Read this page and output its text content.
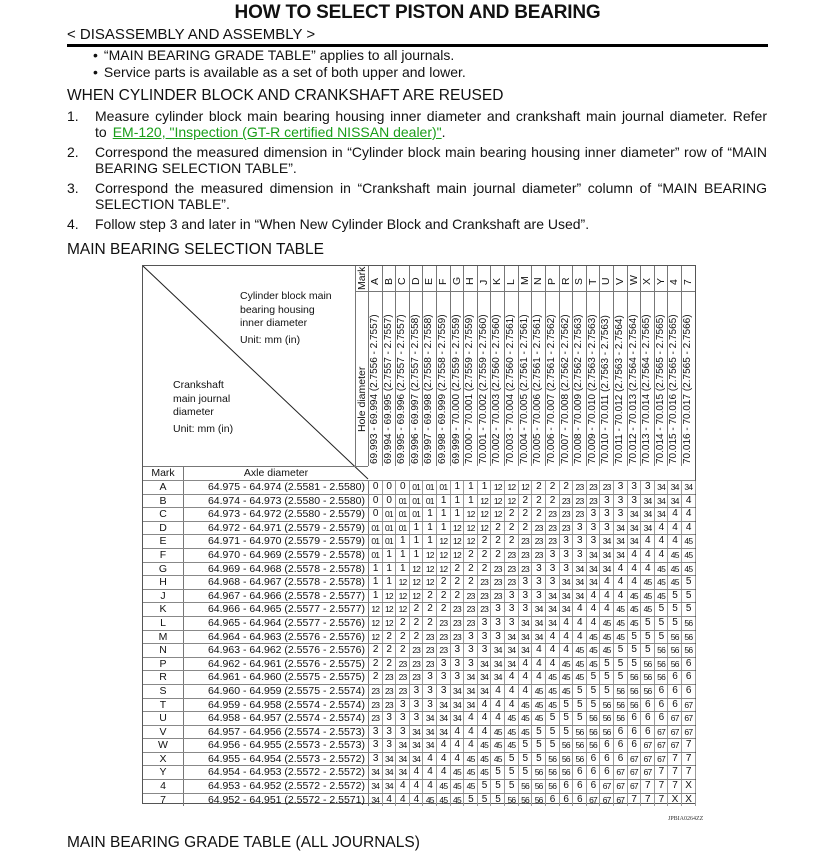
HOW TO SELECT PISTON AND BEARING
< DISASSEMBLY AND ASSEMBLY >
• “MAIN BEARING GRADE TABLE” applies to all journals.
• Service parts is available as a set of both upper and lower.
WHEN CYLINDER BLOCK AND CRANKSHAFT ARE REUSED
1.	Measure cylinder block main bearing housing inner diameter and crankshaft main journal diameter. Refer to EM-120, "Inspection (GT-R certified NISSAN dealer)".
2.	Correspond the measured dimension in “Cylinder block main bearing housing inner diameter” row of “MAIN BEARING SELECTION TABLE”.
3.	Correspond the measured dimension in “Crankshaft main journal diameter” column of “MAIN BEARING SELECTION TABLE”.
4.	Follow step 3 and later in “When New Cylinder Block and Crankshaft are Used”.
MAIN BEARING SELECTION TABLE
Cylinder block main
bearing housing
inner diameter
Unit: mm (in)
Crankshaft
main journal
diameter
Unit: mm (in)
Mark
Hole diameter
A
69.993 - 69.994 (2.7556 - 2.7557)
B
69.994 - 69.995 (2.7557 - 2.7557)
C
69.995 - 69.996 (2.7557 - 2.7557)
D
69.996 - 69.997 (2.7557 - 2.7558)
E
69.997 - 69.998 (2.7558 - 2.7558)
F
69.998 - 69.999 (2.7558 - 2.7559)
G
69.999 - 70.000 (2.7559 - 2.7559)
H
70.000 - 70.001 (2.7559 - 2.7559)
J
70.001 - 70.002 (2.7559 - 2.7560)
K
70.002 - 70.003 (2.7560 - 2.7560)
L
70.003 - 70.004 (2.7560 - 2.7561)
M
70.004 - 70.005 (2.7561 - 2.7561)
N
70.005 - 70.006 (2.7561 - 2.7561)
P
70.006 - 70.007 (2.7561 - 2.7562)
R
70.007 - 70.008 (2.7562 - 2.7562)
S
70.008 - 70.009 (2.7562 - 2.7563)
T
70.009 - 70.010 (2.7563 - 2.7563)
U
70.010 - 70.011 (2.7563 - 2.7563)
V
70.011 - 70.012 (2.7563 - 2.7564)
W
70.012 - 70.013 (2.7564 - 2.7564)
X
70.013 - 70.014 (2.7564 - 2.7565)
Y
70.014 - 70.015 (2.7565 - 2.7565)
4
70.015 - 70.016 (2.7565 - 2.7565)
7
70.016 - 70.017 (2.7565 - 2.7566)
Mark	Axle diameter
A	64.975 - 64.974 (2.5581 - 2.5580) 0 0 0 01 01 01 1 1 1 12 12 12 2 2 2 23 23 23 3 3 3 34 34 34
B	64.974 - 64.973 (2.5580 - 2.5580) 0 0 01 01 01 1 1 1 12 12 12 2 2 2 23 23 23 3 3 3 34 34 34 4
C	64.973 - 64.972 (2.5580 - 2.5579) 0 01 01 01 1 1 1 12 12 12 2 2 2 23 23 23 3 3 3 34 34 34 4 4
D	64.972 - 64.971 (2.5579 - 2.5579) 01 01 01 1 1 1 12 12 12 2 2 2 23 23 23 3 3 3 34 34 34 4 4 4
E	64.971 - 64.970 (2.5579 - 2.5579) 01 01 1 1 1 12 12 12 2 2 2 23 23 23 3 3 3 34 34 34 4 4 4 45
F	64.970 - 64.969 (2.5579 - 2.5578) 01 1 1 1 12 12 12 2 2 2 23 23 23 3 3 3 34 34 34 4 4 4 45 45
G	64.969 - 64.968 (2.5578 - 2.5578) 1 1 1 12 12 12 2 2 2 23 23 23 3 3 3 34 34 34 4 4 4 45 45 45
H	64.968 - 64.967 (2.5578 - 2.5578) 1 1 12 12 12 2 2 2 23 23 23 3 3 3 34 34 34 4 4 4 45 45 45 5
J	64.967 - 64.966 (2.5578 - 2.5577) 1 12 12 12 2 2 2 23 23 23 3 3 3 34 34 34 4 4 4 45 45 45 5 5
K	64.966 - 64.965 (2.5577 - 2.5577) 12 12 12 2 2 2 23 23 23 3 3 3 34 34 34 4 4 4 45 45 45 5 5 5
L	64.965 - 64.964 (2.5577 - 2.5576) 12 12 2 2 2 23 23 23 3 3 3 34 34 34 4 4 4 45 45 45 5 5 5 56
M	64.964 - 64.963 (2.5576 - 2.5576) 12 2 2 2 23 23 23 3 3 3 34 34 34 4 4 4 45 45 45 5 5 5 56 56
N	64.963 - 64.962 (2.5576 - 2.5576) 2 2 2 23 23 23 3 3 3 34 34 34 4 4 4 45 45 45 5 5 5 56 56 56
P	64.962 - 64.961 (2.5576 - 2.5575) 2 2 23 23 23 3 3 3 34 34 34 4 4 4 45 45 45 5 5 5 56 56 56 6
R	64.961 - 64.960 (2.5575 - 2.5575) 2 23 23 23 3 3 3 34 34 34 4 4 4 45 45 45 5 5 5 56 56 56 6 6
S	64.960 - 64.959 (2.5575 - 2.5574) 23 23 23 3 3 3 34 34 34 4 4 4 45 45 45 5 5 5 56 56 56 6 6 6
T	64.959 - 64.958 (2.5574 - 2.5574) 23 23 3 3 3 34 34 34 4 4 4 45 45 45 5 5 5 56 56 56 6 6 6 67
U	64.958 - 64.957 (2.5574 - 2.5574) 23 3 3 3 34 34 34 4 4 4 45 45 45 5 5 5 56 56 56 6 6 6 67 67
V	64.957 - 64.956 (2.5574 - 2.5573) 3 3 3 34 34 34 4 4 4 45 45 45 5 5 5 56 56 56 6 6 6 67 67 67
W	64.956 - 64.955 (2.5573 - 2.5573) 3 3 34 34 34 4 4 4 45 45 45 5 5 5 56 56 56 6 6 6 67 67 67 7
X	64.955 - 64.954 (2.5573 - 2.5572) 3 34 34 34 4 4 4 45 45 45 5 5 5 56 56 56 6 6 6 67 67 67 7 7
Y	64.954 - 64.953 (2.5572 - 2.5572) 34 34 34 4 4 4 45 45 45 5 5 5 56 56 56 6 6 6 67 67 67 7 7 7
4	64.953 - 64.952 (2.5572 - 2.5572) 34 34 4 4 4 45 45 45 5 5 5 56 56 56 6 6 6 67 67 67 7 7 7 X
7	64.952 - 64.951 (2.5572 - 2.5571) 34 4 4 4 45 45 45 5 5 5 56 56 56 6 6 6 67 67 67 7 7 7 X X
JPBIA0264ZZ
MAIN BEARING GRADE TABLE (ALL JOURNALS)
